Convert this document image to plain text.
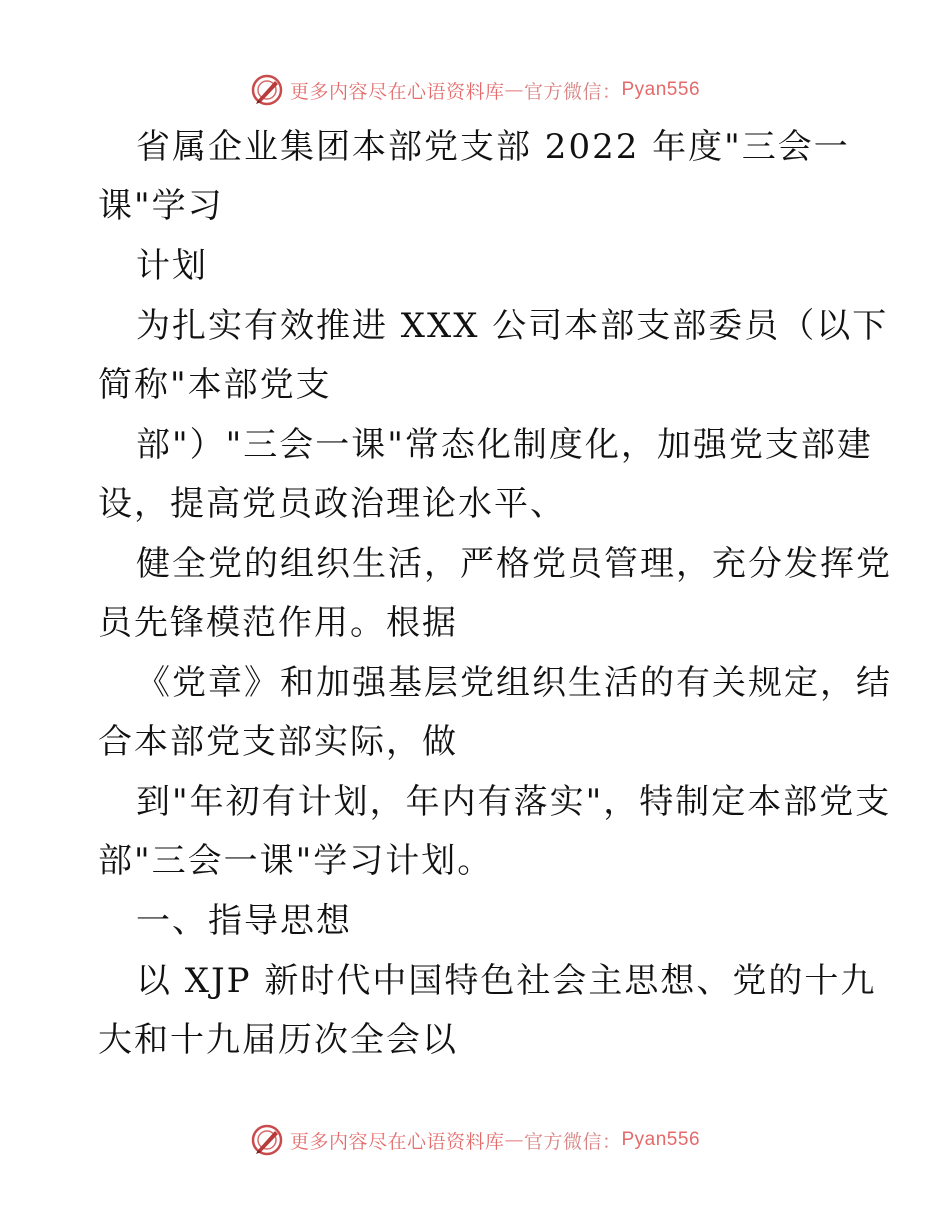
更多内容尽在心语资料库 — 官方微信： Pyan556
省属企业集团本部党支部 2022 年度"三会一
课"学习
计划
为扎实有效推进 XXX 公司本部支部委员（以下
简称"本部党支
部"）"三会一课"常态化制度化，加强党支部建
设，提高党员政治理论水平、
健全党的组织生活，严格党员管理，充分发挥党
员先锋模范作用。根据
《党章》和加强基层党组织生活的有关规定，结
合本部党支部实际，做
到"年初有计划，年内有落实"，特制定本部党支
部"三会一课"学习计划。
一、指导思想
以 XJP 新时代中国特色社会主思想、党的十九
大和十九届历次全会以
更多内容尽在心语资料库 — 官方微信： Pyan556
